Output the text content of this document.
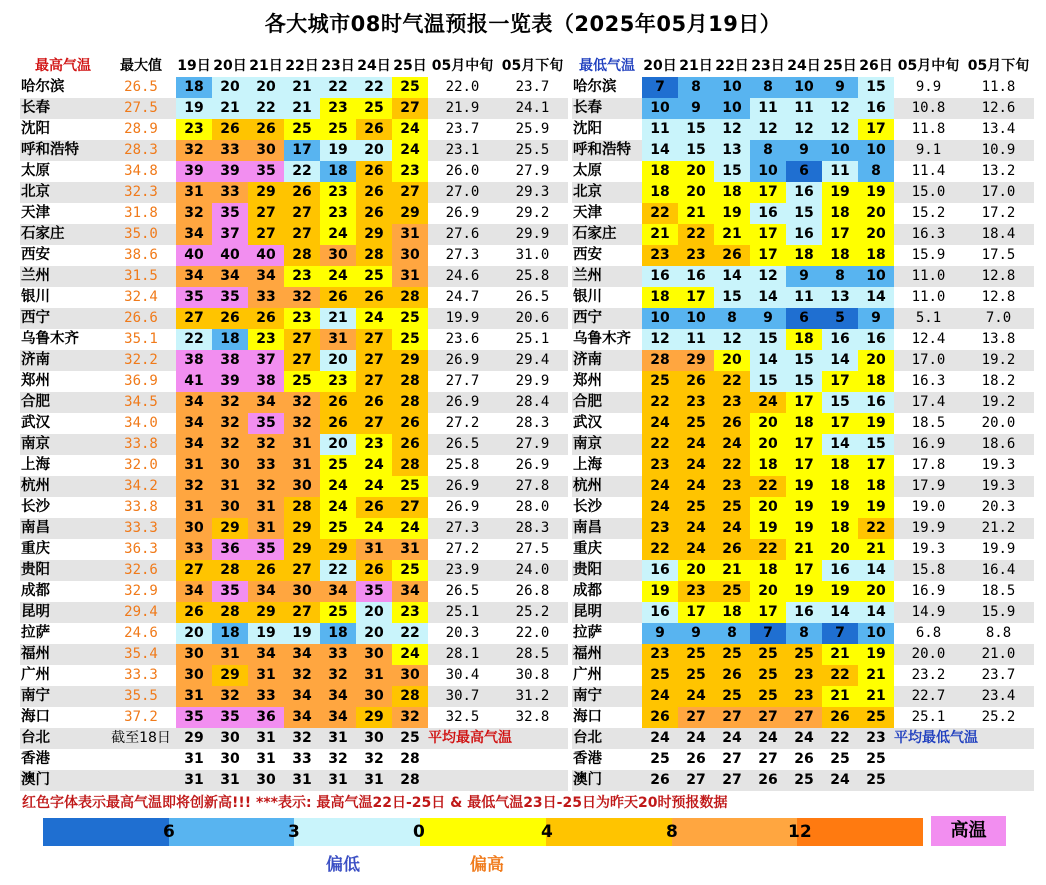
各大城市08时气温预报一览表（2025年05月19日）
最高气温	最大值	19日	20日	21日	22日	23日	24日	25日	05月中旬	05月下旬
哈尔滨	26.5	18	20	20	21	22	22	25	22.0	23.7
长春	27.5	19	21	22	21	23	25	27	21.9	24.1
沈阳	28.9	23	26	26	25	25	26	24	23.7	25.9
呼和浩特	28.3	32	33	30	17	19	20	24	23.1	25.5
太原	34.8	39	39	35	22	18	26	23	26.0	27.9
北京	32.3	31	33	29	26	23	26	27	27.0	29.3
天津	31.8	32	35	27	27	23	26	29	26.9	29.2
石家庄	35.0	34	37	27	27	24	29	31	27.6	29.9
西安	38.6	40	40	40	28	30	28	30	27.3	31.0
兰州	31.5	34	34	34	23	24	25	31	24.6	25.8
银川	32.4	35	35	33	32	26	26	28	24.7	26.5
西宁	26.6	27	26	26	23	21	24	25	19.9	20.6
乌鲁木齐	35.1	22	18	23	27	31	27	25	23.6	25.1
济南	32.2	38	38	37	27	20	27	29	26.9	29.4
郑州	36.9	41	39	38	25	23	27	28	27.7	29.9
合肥	34.5	34	32	34	32	26	26	28	26.9	28.4
武汉	34.0	34	32	35	32	26	27	26	27.2	28.3
南京	33.8	34	32	32	31	20	23	26	26.5	27.9
上海	32.0	31	30	33	31	25	24	28	25.8	26.9
杭州	34.2	32	31	32	30	24	24	25	26.9	27.8
长沙	33.8	31	30	31	28	24	26	27	26.9	28.0
南昌	33.3	30	29	31	29	25	24	24	27.3	28.3
重庆	36.3	33	36	35	29	29	31	31	27.2	27.5
贵阳	32.6	27	28	26	27	22	26	25	23.9	24.0
成都	32.9	34	35	34	30	34	35	34	26.5	26.8
昆明	29.4	26	28	29	27	25	20	23	25.1	25.2
拉萨	24.6	20	18	19	19	18	20	22	20.3	22.0
福州	35.4	30	31	34	34	33	30	24	28.1	28.5
广州	33.3	30	29	31	32	32	31	30	30.4	30.8
南宁	35.5	31	32	33	34	34	30	28	30.7	31.2
海口	37.2	35	35	36	34	34	29	32	32.5	32.8
台北	截至18日	29	30	31	32	31	30	25	平均最高气温	
香港		31	30	31	33	32	32	28		
澳门		31	31	30	31	31	31	28		
最低气温	20日	21日	22日	23日	24日	25日	26日	05月中旬	05月下旬
哈尔滨	7	8	10	8	10	9	15	9.9	11.8
长春	10	9	10	11	11	12	16	10.8	12.6
沈阳	11	15	12	12	12	12	17	11.8	13.4
呼和浩特	14	15	13	8	9	10	10	9.1	10.9
太原	18	20	15	10	6	11	8	11.4	13.2
北京	18	20	18	17	16	19	19	15.0	17.0
天津	22	21	19	16	15	18	20	15.2	17.2
石家庄	21	22	21	17	16	17	20	16.3	18.4
西安	23	23	26	17	18	18	18	15.9	17.5
兰州	16	16	14	12	9	8	10	11.0	12.8
银川	18	17	15	14	11	13	14	11.0	12.8
西宁	10	10	8	9	6	5	9	5.1	7.0
乌鲁木齐	12	11	12	15	18	16	16	12.4	13.8
济南	28	29	20	14	15	14	20	17.0	19.2
郑州	25	26	22	15	15	17	18	16.3	18.2
合肥	22	23	23	24	17	15	16	17.4	19.2
武汉	24	25	26	20	18	17	19	18.5	20.0
南京	22	24	24	20	17	14	15	16.9	18.6
上海	23	24	22	18	17	18	17	17.8	19.3
杭州	24	24	23	22	19	18	18	17.9	19.3
长沙	24	25	25	20	19	19	19	19.0	20.3
南昌	23	24	24	19	19	18	22	19.9	21.2
重庆	22	24	26	22	21	20	21	19.3	19.9
贵阳	16	20	21	18	17	16	14	15.8	16.4
成都	19	23	25	20	19	19	20	16.9	18.5
昆明	16	17	18	17	16	14	14	14.9	15.9
拉萨	9	9	8	7	8	7	10	6.8	8.8
福州	23	25	25	25	25	21	19	20.0	21.0
广州	25	25	26	25	23	22	21	23.2	23.7
南宁	24	24	25	25	23	21	21	22.7	23.4
海口	26	27	27	27	27	26	25	25.1	25.2
台北	24	24	24	24	24	22	23	平均最低气温	
香港	25	26	27	27	26	25	25		
澳门	26	27	27	26	25	24	25		
红色字体表示最高气温即将创新高!!! ***表示: 最高气温22日-25日 & 最低气温23日-25日为昨天20时预报数据
6	3	0	4	8	12	高温
偏低	偏高
